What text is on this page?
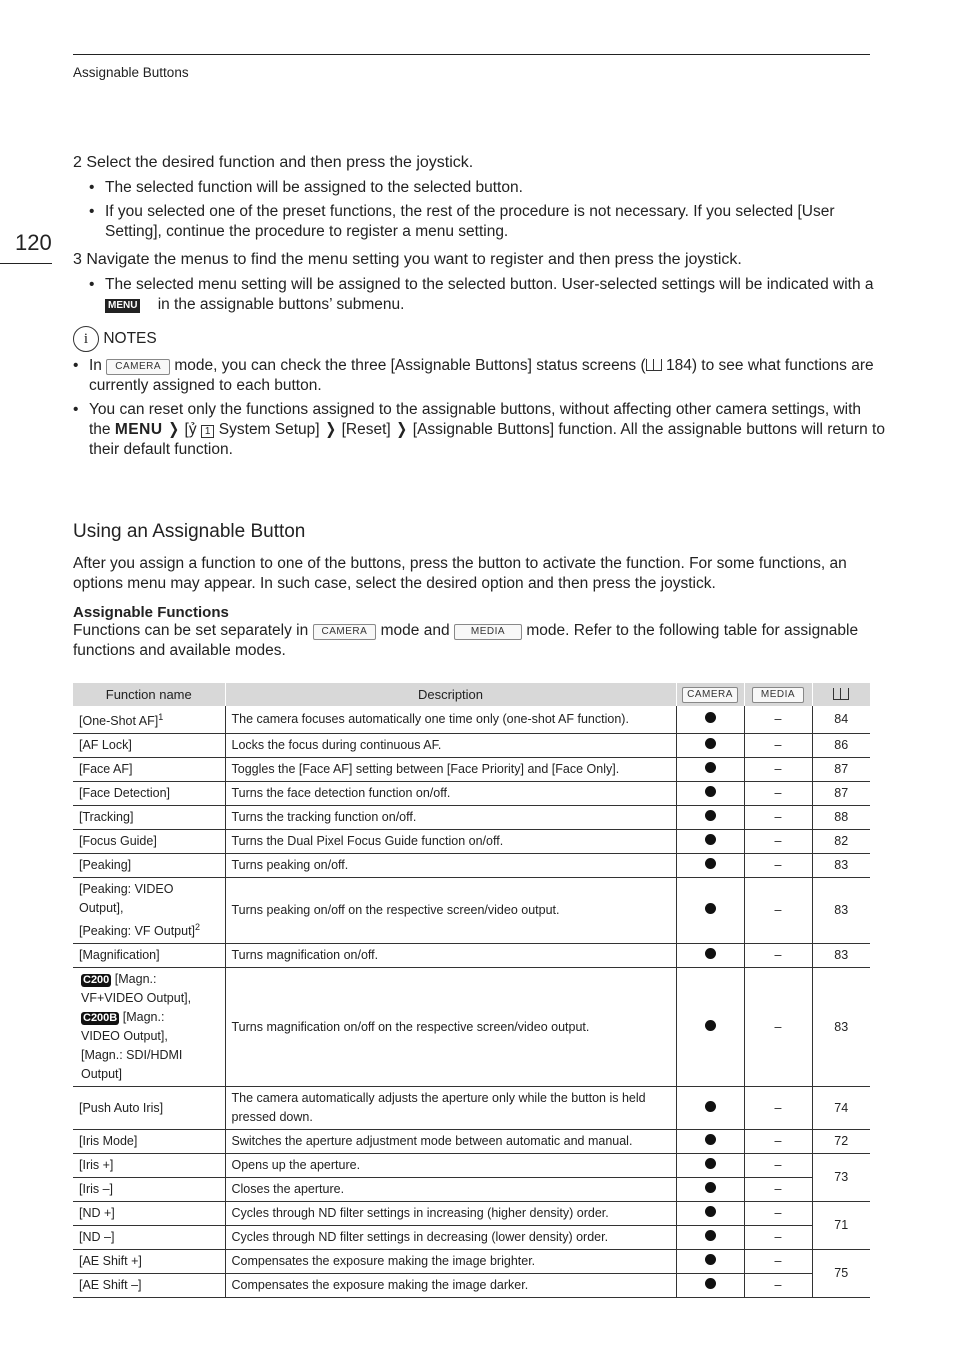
Assignable Buttons
120
2 Select the desired function and then press the joystick.
• The selected function will be assigned to the selected button.
• If you selected one of the preset functions, the rest of the procedure is not necessary. If you selected [User Setting], continue the procedure to register a menu setting.
3 Navigate the menus to find the menu setting you want to register and then press the joystick.
• The selected menu setting will be assigned to the selected button. User-selected settings will be indicated with a MENU in the assignable buttons’ submenu.
i NOTES
• In CAMERA mode, you can check the three [Assignable Buttons] status screens ( 184) to see what functions are currently assigned to each button.
• You can reset only the functions assigned to the assignable buttons, without affecting other camera settings, with the MENU ❯ [ỷ 1 System Setup] ❯ [Reset] ❯ [Assignable Buttons] function. All the assignable buttons will return to their default function.
Using an Assignable Button
After you assign a function to one of the buttons, press the button to activate the function. For some functions, an options menu may appear. In such case, select the desired option and then press the joystick.
Assignable Functions
Functions can be set separately in CAMERA mode and MEDIA mode. Refer to the following table for assignable functions and available modes.
Function name	Description	CAMERA	MEDIA	
[One-Shot AF]$^1$	The camera focuses automatically one time only (one-shot AF function).		–	84
[AF Lock]	Locks the focus during continuous AF.		–	86
[Face AF]	Toggles the [Face AF] setting between [Face Priority] and [Face Only].		–	87
[Face Detection]	Turns the face detection function on/off.		–	87
[Tracking]	Turns the tracking function on/off.		–	88
[Focus Guide]	Turns the Dual Pixel Focus Guide function on/off.		–	82
[Peaking]	Turns peaking on/off.		–	83
[Peaking: VIDEO Output],
[Peaking: VF Output]$^2$	Turns peaking on/off on the respective screen/video output.		–	83
[Magnification]	Turns magnification on/off.		–	83
C200 [Magn.:
VF+VIDEO Output],
C200B [Magn.:
VIDEO Output],
[Magn.: SDI/HDMI Output]	Turns magnification on/off on the respective screen/video output.		–	83
[Push Auto Iris]	The camera automatically adjusts the aperture only while the button is held pressed down.		–	74
[Iris Mode]	Switches the aperture adjustment mode between automatic and manual.		–	72
[Iris +]	Opens up the aperture.		–	73
[Iris –]	Closes the aperture.		–	
[ND +]	Cycles through ND filter settings in increasing (higher density) order.		–	71
[ND –]	Cycles through ND filter settings in decreasing (lower density) order.		–	
[AE Shift +]	Compensates the exposure making the image brighter.		–	75
[AE Shift –]	Compensates the exposure making the image darker.		–	
